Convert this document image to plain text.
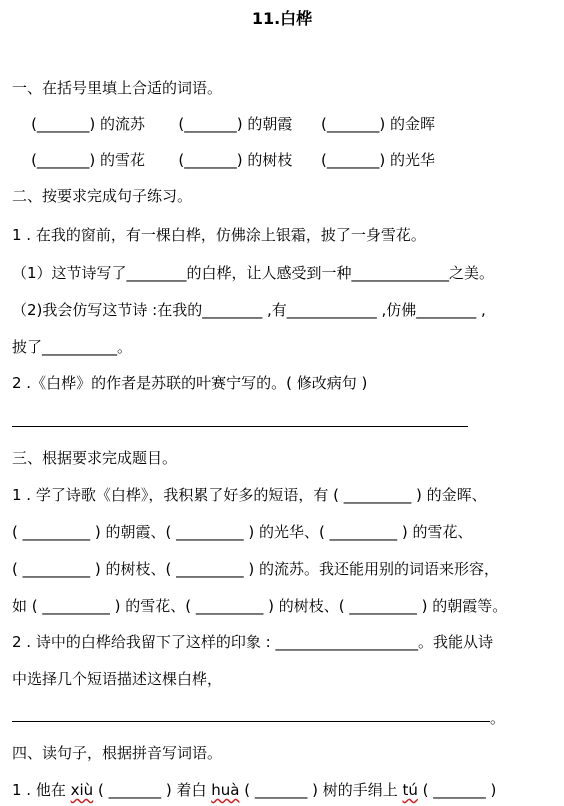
11.白桦
一、在括号里填上合适的词语。
(_______) 的流苏       (_______) 的朝霞      (_______) 的金晖
(_______) 的雪花       (_______) 的树枝      (_______) 的光华
二、按要求完成句子练习。
1 . 在我的窗前，有一棵白桦，仿佛涂上银霜，披了一身雪花。
（1）这节诗写了________的白桦，让人感受到一种_____________之美。
（2)我会仿写这节诗 :在我的________ ,有____________ ,仿佛________ ,
披了__________。
2 .《白桦》的作者是苏联的叶赛宁写的。( 修改病句 )
三、根据要求完成题目。
1 . 学了诗歌《白桦》，我积累了好多的短语，有 ( _________ ) 的金晖、
( _________ ) 的朝霞、( _________ ) 的光华、( _________ ) 的雪花、
( _________ ) 的树枝、( _________ ) 的流苏。我还能用别的词语来形容，
如 ( _________ ) 的雪花、( _________ ) 的树枝、( _________ ) 的朝霞等。
2 . 诗中的白桦给我留下了这样的印象 : ___________________。我能从诗
中选择几个短语描述这棵白桦，
。
四、读句子，根据拼音写词语。
1 . 他在 xiù ( _______ ) 着白 huà ( _______ ) 树的手绢上 tú ( _______ )
